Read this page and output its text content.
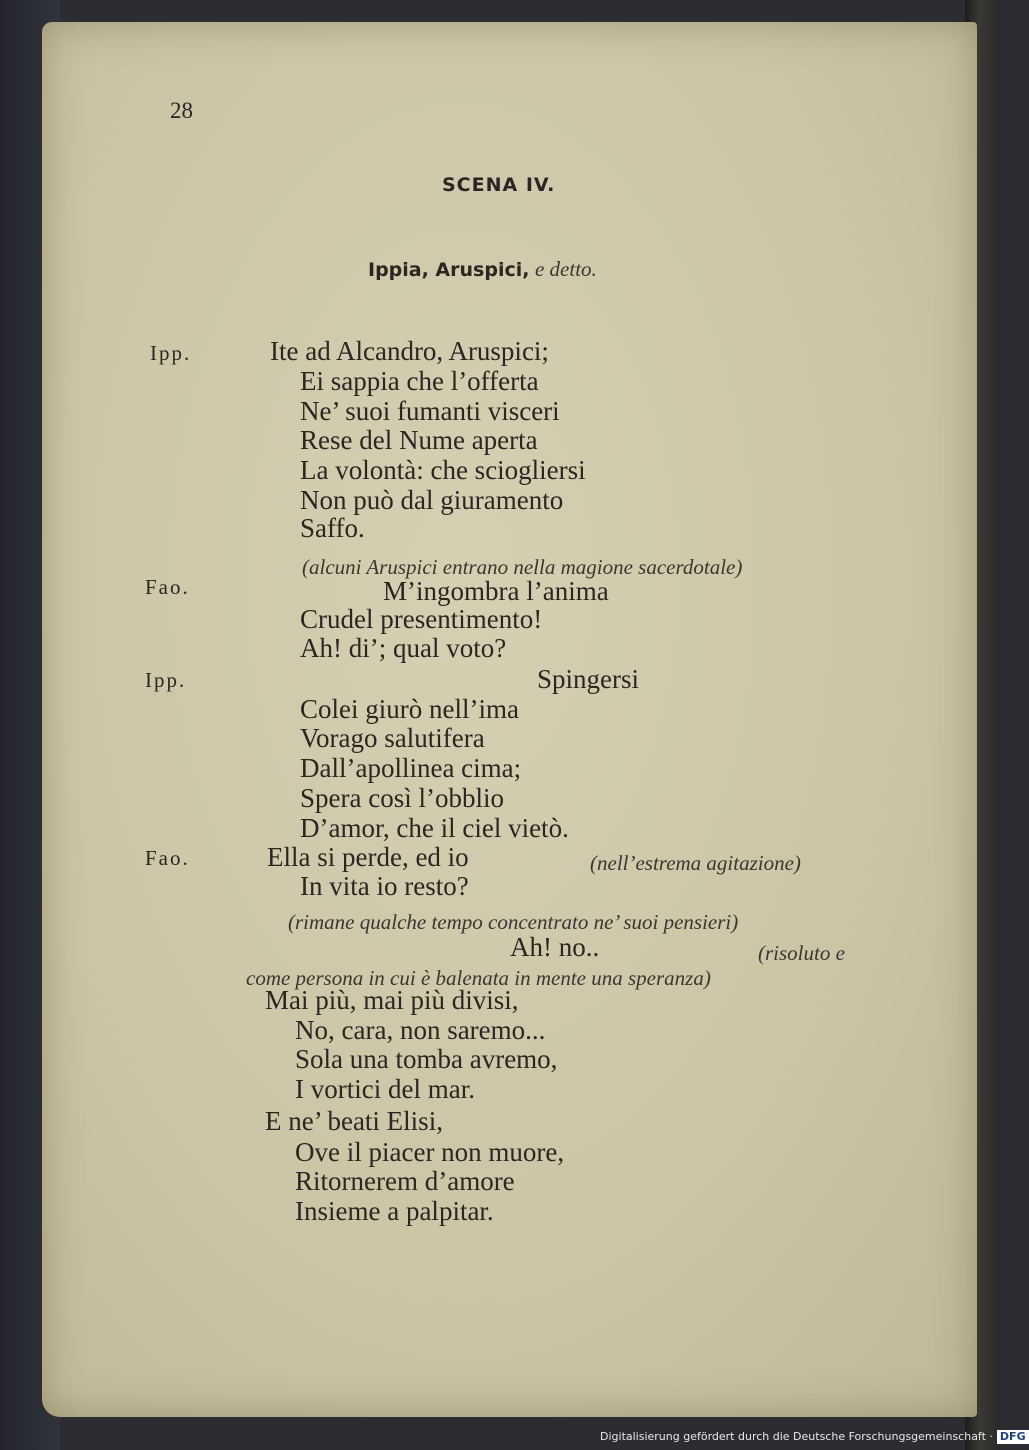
28
SCENA IV.
Ippia, Aruspici, e detto.
Ipp.
Fao.
Ipp.
Fao.
Ite ad Alcandro, Aruspici;
Ei sappia che l’offerta
Ne’ suoi fumanti visceri
Rese del Nume aperta
La volontà: che sciogliersi
Non può dal giuramento
Saffo.
(alcuni Aruspici entrano nella magione sacerdotale)
M’ingombra l’anima
Crudel presentimento!
Ah! di’; qual voto?
Spingersi
Colei giurò nell’ima
Vorago salutifera
Dall’apollinea cima;
Spera così l’obblio
D’amor, che il ciel vietò.
Ella si perde, ed io	(nell’estrema agitazione)
In vita io resto?
(rimane qualche tempo concentrato ne’ suoi pensieri)
Ah! no..	(risoluto e
come persona in cui è balenata in mente una speranza)
Mai più, mai più divisi,
No, cara, non saremo...
Sola una tomba avremo,
I vortici del mar.
E ne’ beati Elisi,
Ove il piacer non muore,
Ritornerem d’amore
Insieme a palpitar.
Digitalisierung gefördert durch die Deutsche Forschungsgemeinschaft · DFG
